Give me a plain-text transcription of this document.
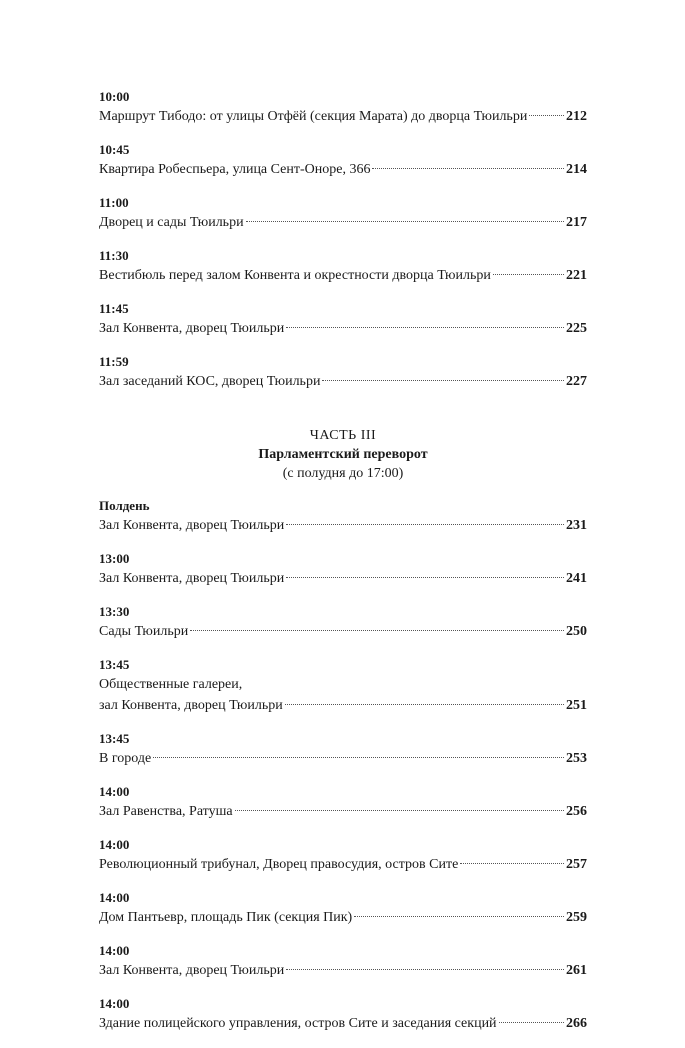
10:00
Маршрут Тибодо: от улицы Отфёй (секция Марата) до дворца Тюильри	212
10:45
Квартира Робеспьера, улица Сент-Оноре, 366	214
11:00
Дворец и сады Тюильри	217
11:30
Вестибюль перед залом Конвента и окрестности дворца Тюильри	221
11:45
Зал Конвента, дворец Тюильри	225
11:59
Зал заседаний КОС, дворец Тюильри	227
ЧАСТЬ III
Парламентский переворот
(с полудня до 17:00)
Полдень
Зал Конвента, дворец Тюильри	231
13:00
Зал Конвента, дворец Тюильри	241
13:30
Сады Тюильри	250
13:45
Общественные галереи,
зал Конвента, дворец Тюильри	251
13:45
В городе	253
14:00
Зал Равенства, Ратуша	256
14:00
Революционный трибунал, Дворец правосудия, остров Сите	257
14:00
Дом Пантьевр, площадь Пик (секция Пик)	259
14:00
Зал Конвента, дворец Тюильри	261
14:00
Здание полицейского управления, остров Сите и заседания секций	266
